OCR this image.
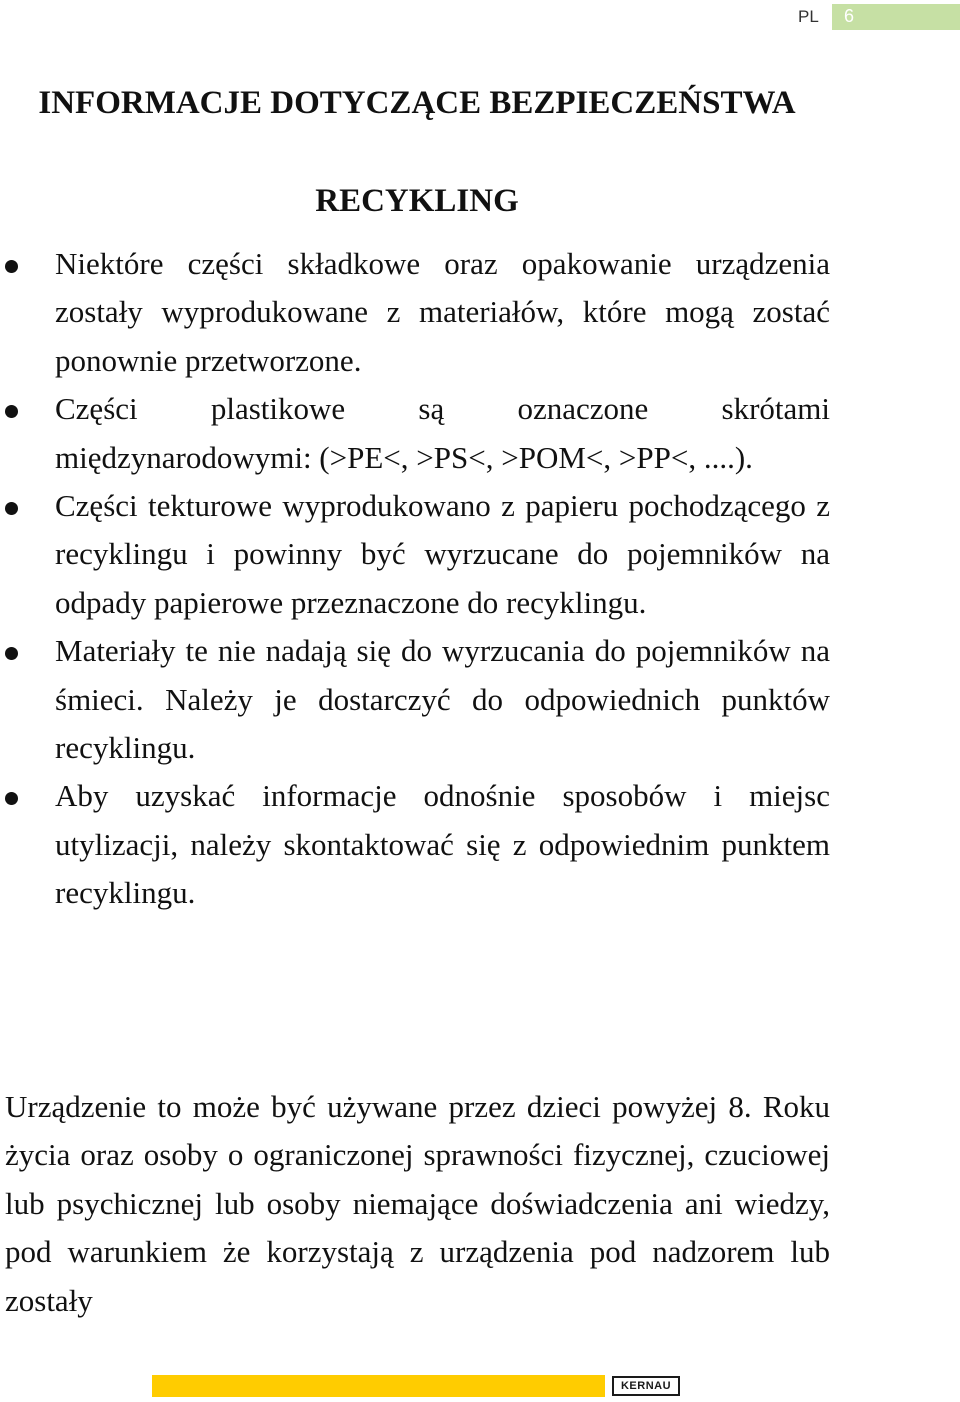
PL 6
INFORMACJE DOTYCZĄCE BEZPIECZEŃSTWA
RECYKLING
Niektóre części składkowe oraz opakowanie urządzenia zostały wyprodukowane z materiałów, które mogą zostać ponownie przetworzone.
Części plastikowe są oznaczone skrótami międzynarodowymi: (>PE<, >PS<, >POM<, >PP<, ....).
Części tekturowe wyprodukowano z papieru pochodzącego z recyklingu i powinny być wyrzucane do pojemników na odpady papierowe przeznaczone do recyklingu.
Materiały te nie nadają się do wyrzucania do pojemników na śmieci. Należy je dostarczyć do odpowiednich punktów recyklingu.
Aby uzyskać informacje odnośnie sposobów i miejsc utylizacji, należy skontaktować się z odpowiednim punktem recyklingu.

Urządzenie to może być używane przez dzieci powyżej 8. Roku życia oraz osoby o ograniczonej sprawności fizycznej, czuciowej lub psychicznej lub osoby niemające doświadczenia ani wiedzy, pod warunkiem że korzystają z urządzenia pod nadzorem lub zostały

KERNAU
